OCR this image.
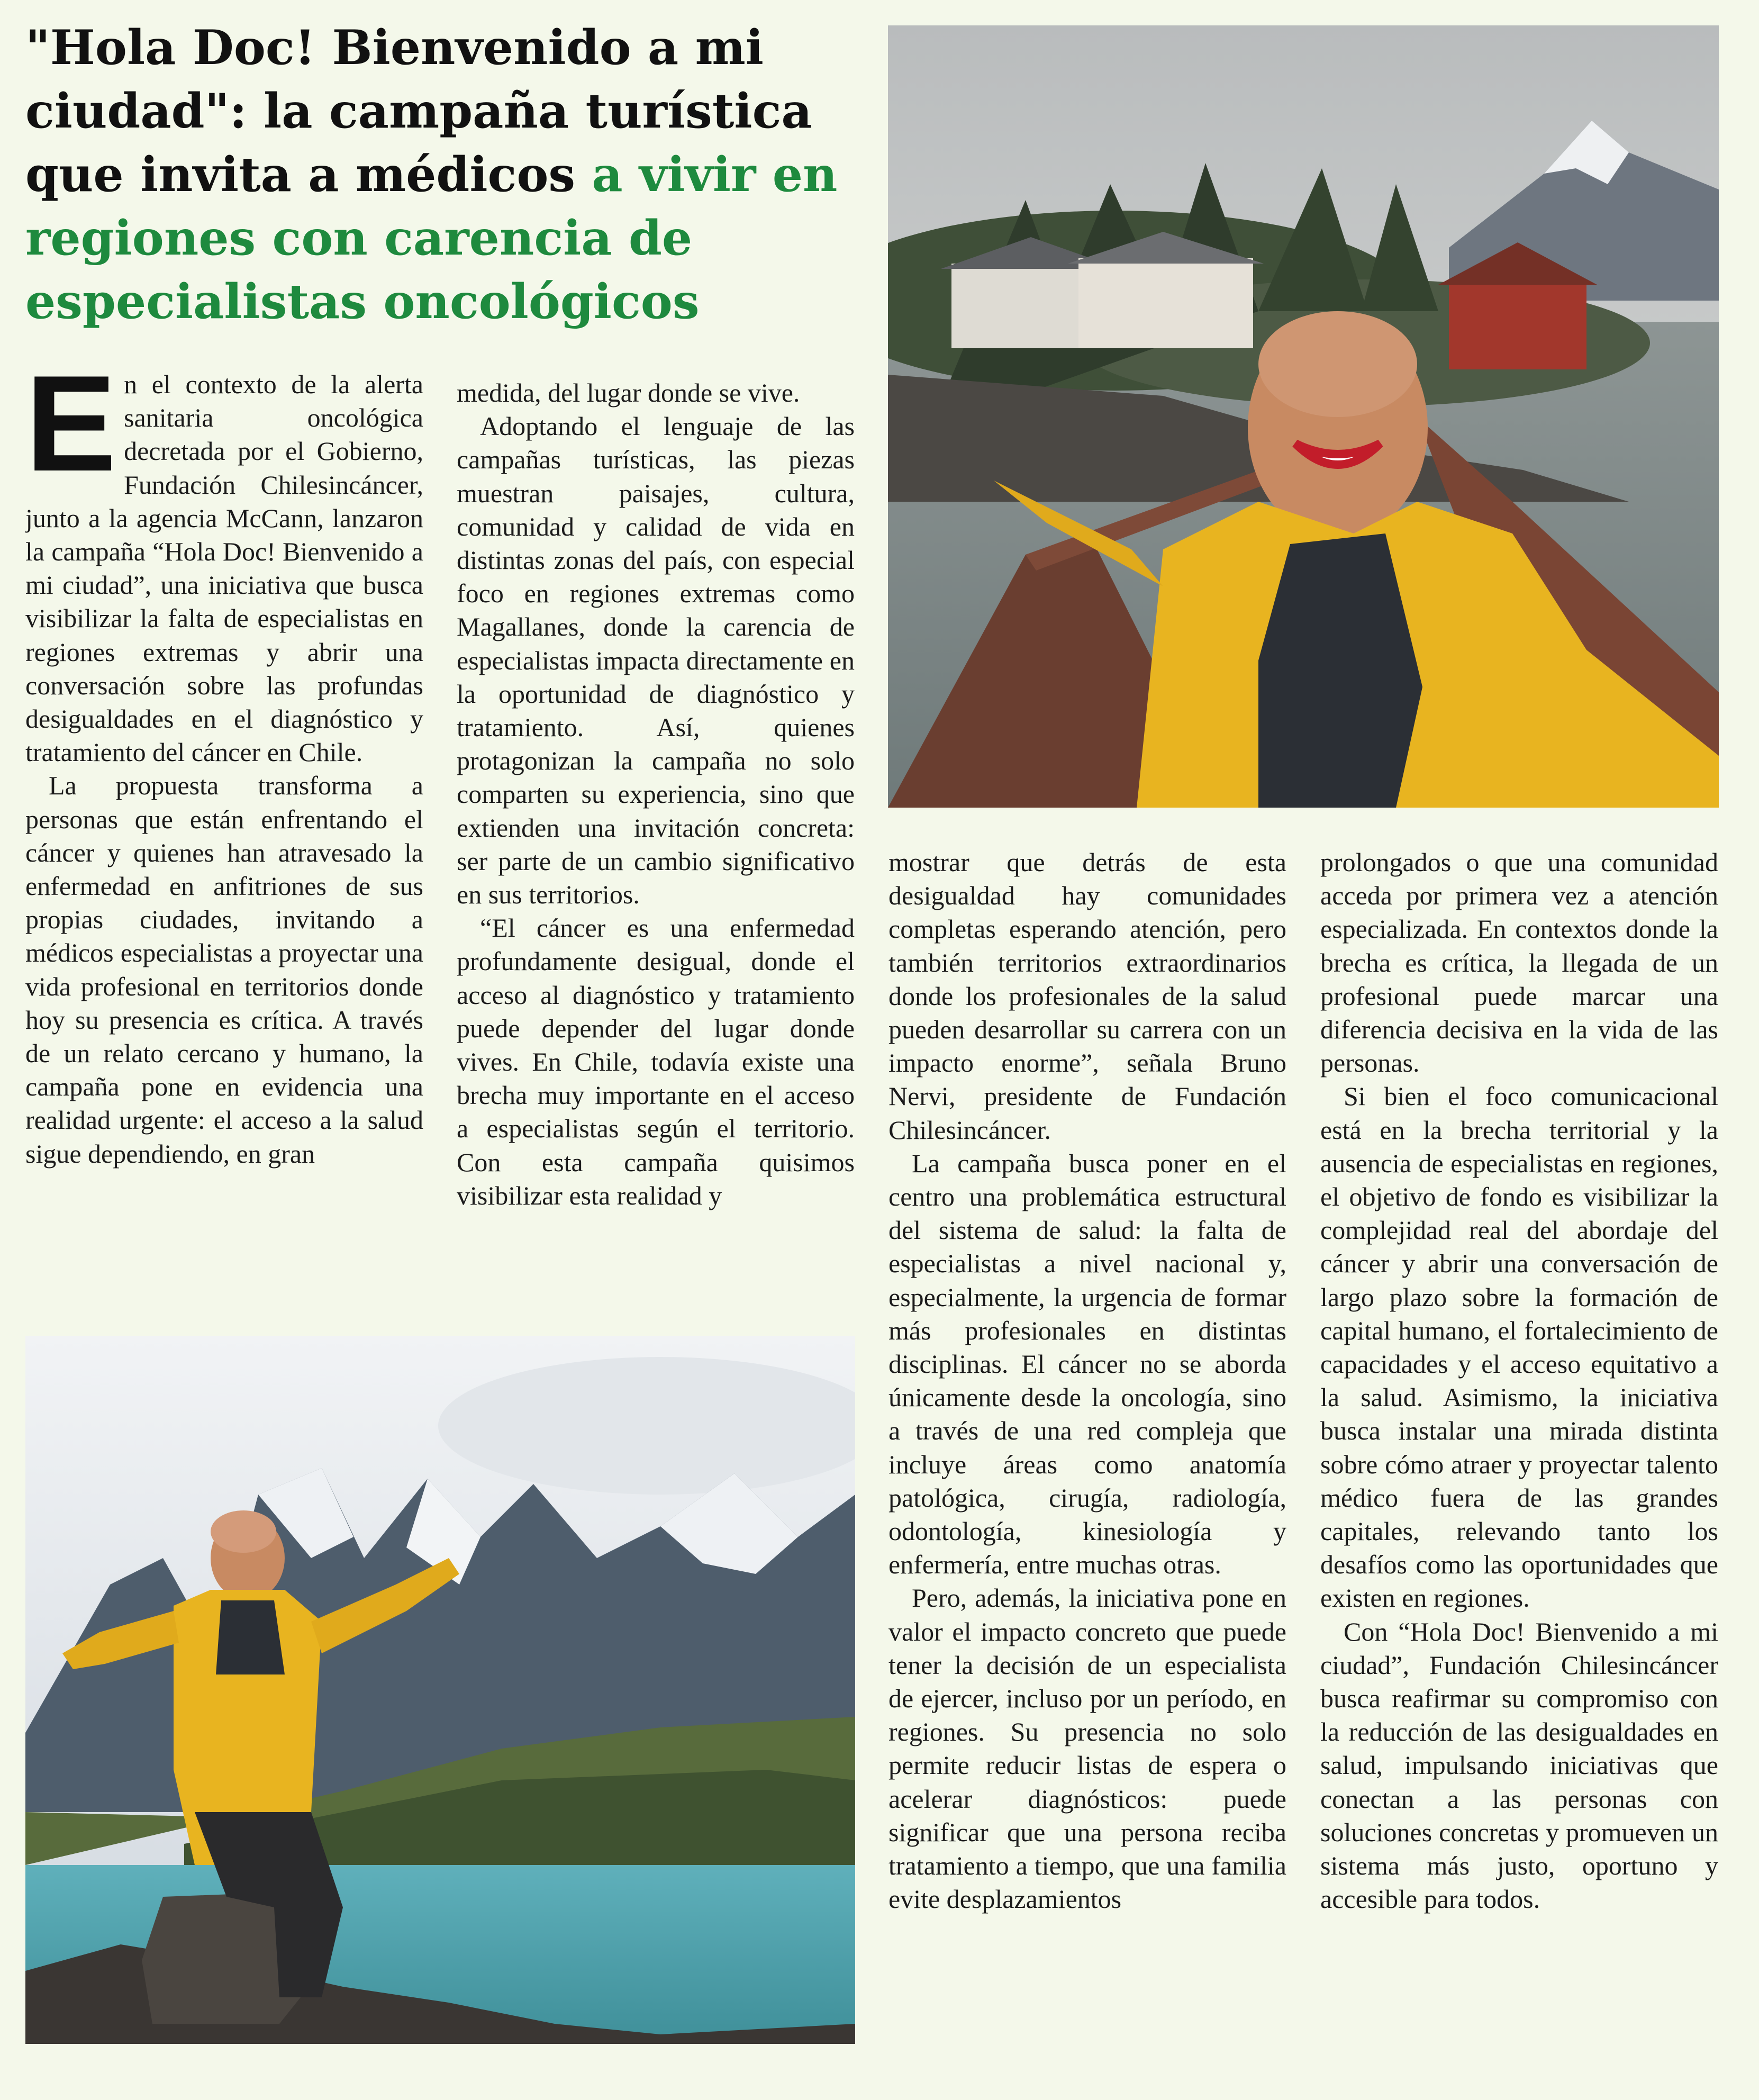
"Hola Doc! Bienvenido a mi ciudad": la campaña turística que invita a médicos a vivir en regiones con carencia de especialistas oncológicos

En el contexto de la alerta sanitaria oncológica decretada por el Gobierno, Fundación Chilesincáncer, junto a la agencia McCann, lanzaron la campaña “Hola Doc! Bienvenido a mi ciudad”, una iniciativa que busca visibilizar la falta de especialistas en regiones extremas y abrir una conversación sobre las profundas desigualdades en el diagnóstico y tratamiento del cáncer en Chile.

La propuesta transforma a personas que están enfrentando el cáncer y quienes han atravesado la enfermedad en anfitriones de sus propias ciudades, invitando a médicos especialistas a proyectar una vida profesional en territorios donde hoy su presencia es crítica. A través de un relato cercano y humano, la campaña pone en evidencia una realidad urgente: el acceso a la salud sigue dependiendo, en gran

medida, del lugar donde se vive.

Adoptando el lenguaje de las campañas turísticas, las piezas muestran paisajes, cultura, comunidad y calidad de vida en distintas zonas del país, con especial foco en regiones extremas como Magallanes, donde la carencia de especialistas impacta directamente en la oportunidad de diagnóstico y tratamiento. Así, quienes protagonizan la campaña no solo comparten su experiencia, sino que extienden una invitación concreta: ser parte de un cambio significativo en sus territorios.

“El cáncer es una enfermedad profundamente desigual, donde el acceso al diagnóstico y tratamiento puede depender del lugar donde vives. En Chile, todavía existe una brecha muy importante en el acceso a especialistas según el territorio. Con esta campaña quisimos visibilizar esta realidad y

mostrar que detrás de esta desigualdad hay comunidades completas esperando atención, pero también territorios extraordinarios donde los profesionales de la salud pueden desarrollar su carrera con un impacto enorme”, señala Bruno Nervi, presidente de Fundación Chilesincáncer.

La campaña busca poner en el centro una problemática estructural del sistema de salud: la falta de especialistas a nivel nacional y, especialmente, la urgencia de formar más profesionales en distintas disciplinas. El cáncer no se aborda únicamente desde la oncología, sino a través de una red compleja que incluye áreas como anatomía patológica, cirugía, radiología, odontología, kinesiología y enfermería, entre muchas otras.

Pero, además, la iniciativa pone en valor el impacto concreto que puede tener la decisión de un especialista de ejercer, incluso por un período, en regiones. Su presencia no solo permite reducir listas de espera o acelerar diagnósticos: puede significar que una persona reciba tratamiento a tiempo, que una familia evite desplazamientos

prolongados o que una comunidad acceda por primera vez a atención especializada. En contextos donde la brecha es crítica, la llegada de un profesional puede marcar una diferencia decisiva en la vida de las personas.

Si bien el foco comunicacional está en la brecha territorial y la ausencia de especialistas en regiones, el objetivo de fondo es visibilizar la complejidad real del abordaje del cáncer y abrir una conversación de largo plazo sobre la formación de capital humano, el fortalecimiento de capacidades y el acceso equitativo a la salud. Asimismo, la iniciativa busca instalar una mirada distinta sobre cómo atraer y proyectar talento médico fuera de las grandes capitales, relevando tanto los desafíos como las oportunidades que existen en regiones.

Con “Hola Doc! Bienvenido a mi ciudad”, Fundación Chilesincáncer busca reafirmar su compromiso con la reducción de las desigualdades en salud, impulsando iniciativas que conectan a las personas con soluciones concretas y promueven un sistema más justo, oportuno y accesible para todos.
